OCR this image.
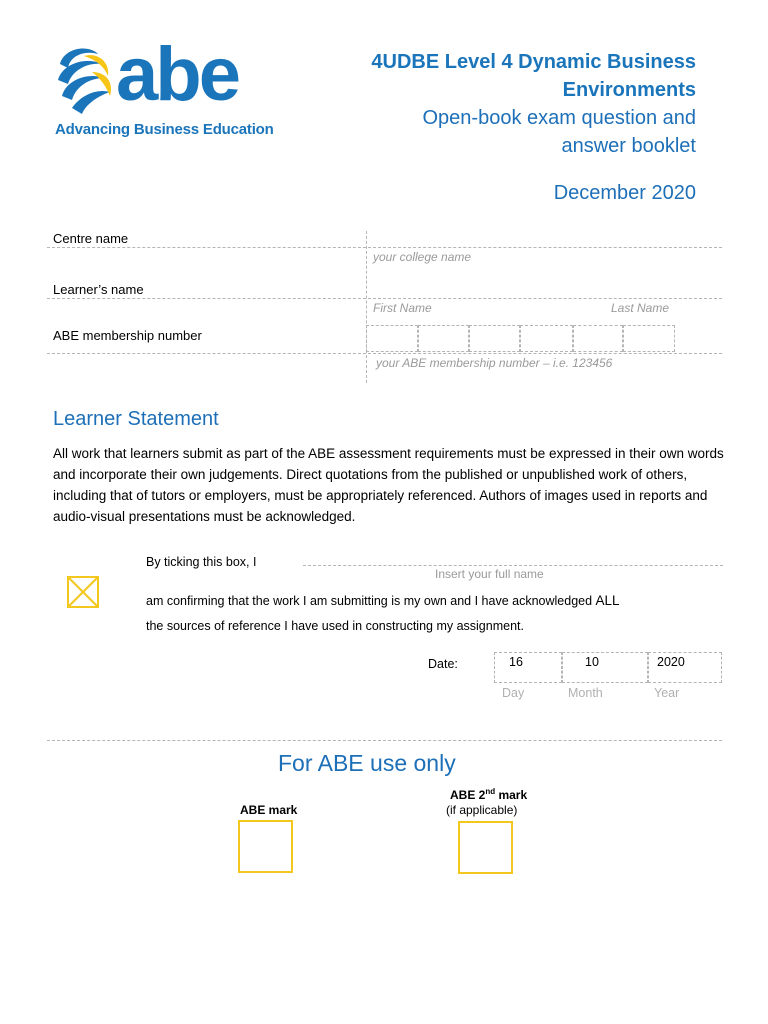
abe
Advancing Business Education
4UDBE Level 4 Dynamic Business
Environments
Open-book exam question and
answer booklet
December 2020
Centre name
your college name
Learner’s name
First Name	Last Name
ABE membership number
your ABE membership number – i.e. 123456
Learner Statement
All work that learners submit as part of the ABE assessment requirements must be expressed in their own words and incorporate their own judgements. Direct quotations from the published or unpublished work of others, including that of tutors or employers, must be appropriately referenced. Authors of images used in reports and audio-visual presentations must be acknowledged.
By ticking this box, I
Insert your full name
am confirming that the work I am submitting is my own and I have acknowledged ALL
the sources of reference I have used in constructing my assignment.
Date:	16	10	2020
Day	Month	Year
For ABE use only
ABE mark
ABE 2nd mark
(if applicable)
